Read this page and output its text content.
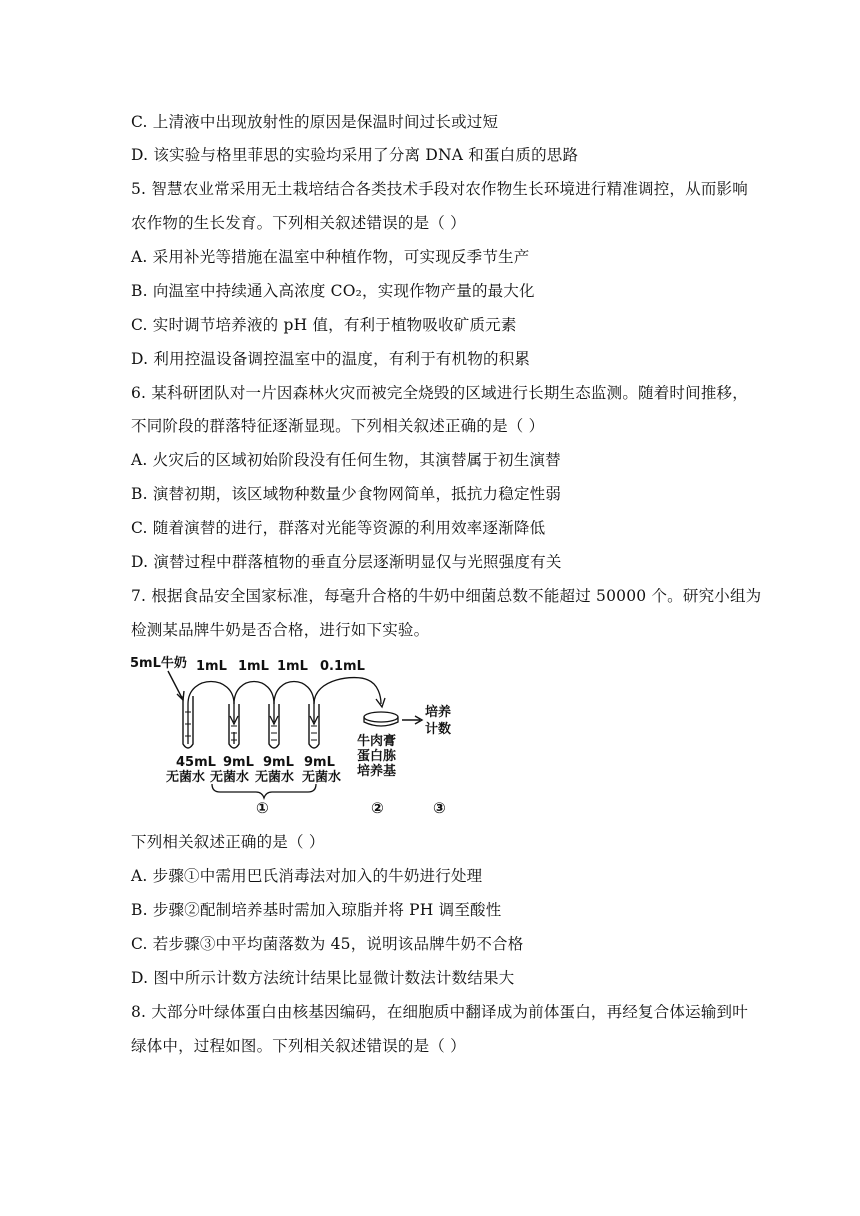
C. 上清液中出现放射性的原因是保温时间过长或过短
D. 该实验与格里菲思的实验均采用了分离 DNA 和蛋白质的思路
5. 智慧农业常采用无土栽培结合各类技术手段对农作物生长环境进行精准调控，从而影响
农作物的生长发育。下列相关叙述错误的是（ ）
A. 采用补光等措施在温室中种植作物，可实现反季节生产
B. 向温室中持续通入高浓度 CO₂，实现作物产量的最大化
C. 实时调节培养液的 pH 值，有利于植物吸收矿质元素
D. 利用控温设备调控温室中的温度，有利于有机物的积累
6. 某科研团队对一片因森林火灾而被完全烧毁的区域进行长期生态监测。随着时间推移，
不同阶段的群落特征逐渐显现。下列相关叙述正确的是（ ）
A. 火灾后的区域初始阶段没有任何生物，其演替属于初生演替
B. 演替初期，该区域物种数量少食物网简单，抵抗力稳定性弱
C. 随着演替的进行，群落对光能等资源的利用效率逐渐降低
D. 演替过程中群落植物的垂直分层逐渐明显仅与光照强度有关
7. 根据食品安全国家标准，每毫升合格的牛奶中细菌总数不能超过 50000 个。研究小组为
检测某品牌牛奶是否合格，进行如下实验。
5mL牛奶 1mL 1mL 1mL 0.1mL
培养
计数
45mL
无菌水
9mL
无菌水
9mL
无菌水
9mL
无菌水
牛肉膏
蛋白胨
培养基
①	②	③
下列相关叙述正确的是（ ）
A. 步骤①中需用巴氏消毒法对加入的牛奶进行处理
B. 步骤②配制培养基时需加入琼脂并将 PH 调至酸性
C. 若步骤③中平均菌落数为 45，说明该品牌牛奶不合格
D. 图中所示计数方法统计结果比显微计数法计数结果大
8. 大部分叶绿体蛋白由核基因编码，在细胞质中翻译成为前体蛋白，再经复合体运输到叶
绿体中，过程如图。下列相关叙述错误的是（ ）
